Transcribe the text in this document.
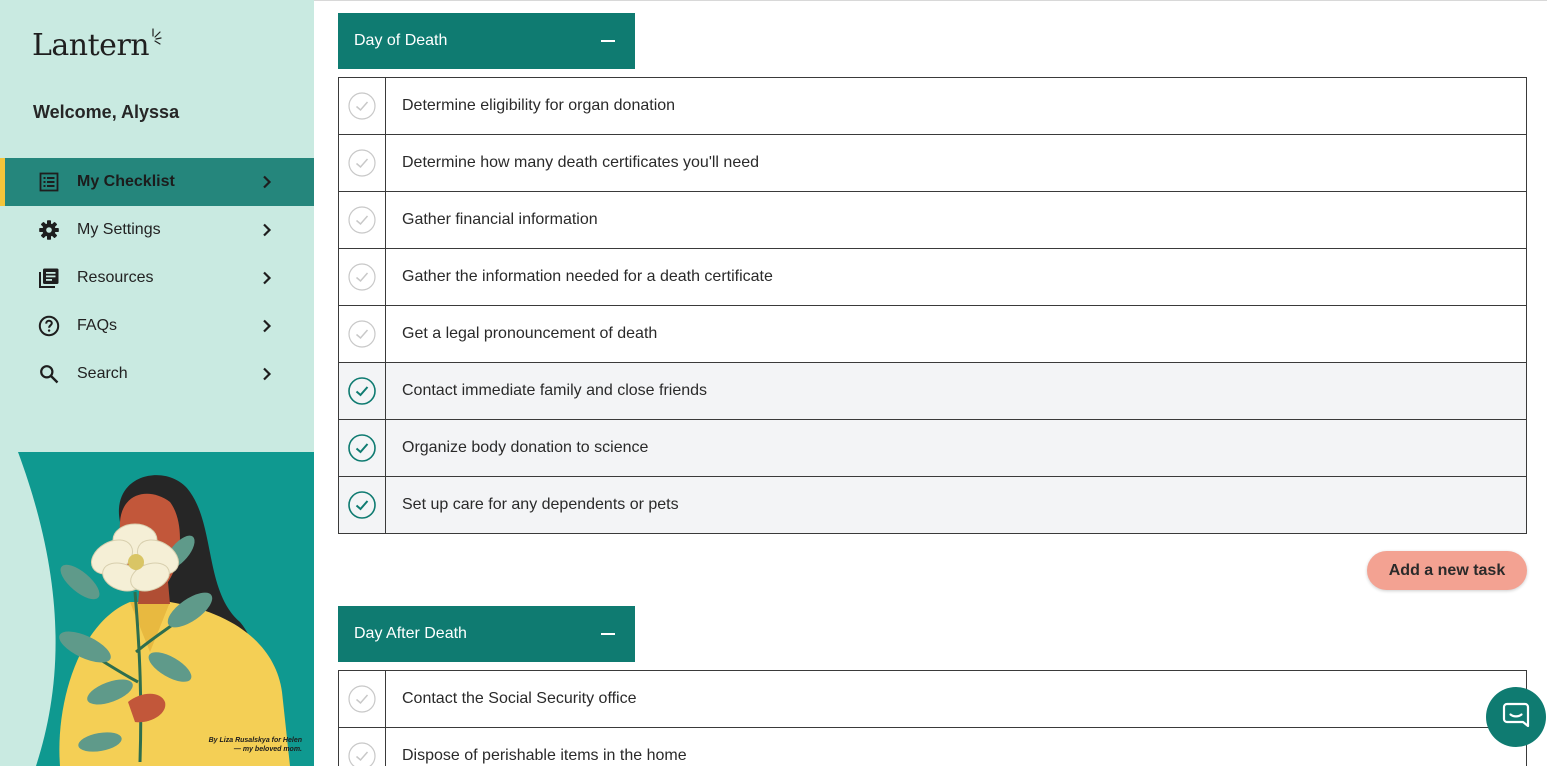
Lantern
Welcome, Alyssa
My Checklist
My Settings
Resources
FAQs
Search
By Liza Rusalskya for Helen
— my beloved mom.
Day of Death
Determine eligibility for organ donation
Determine how many death certificates you'll need
Gather financial information
Gather the information needed for a death certificate
Get a legal pronouncement of death
Contact immediate family and close friends
Organize body donation to science
Set up care for any dependents or pets
Add a new task
Day After Death
Contact the Social Security office
Dispose of perishable items in the home
